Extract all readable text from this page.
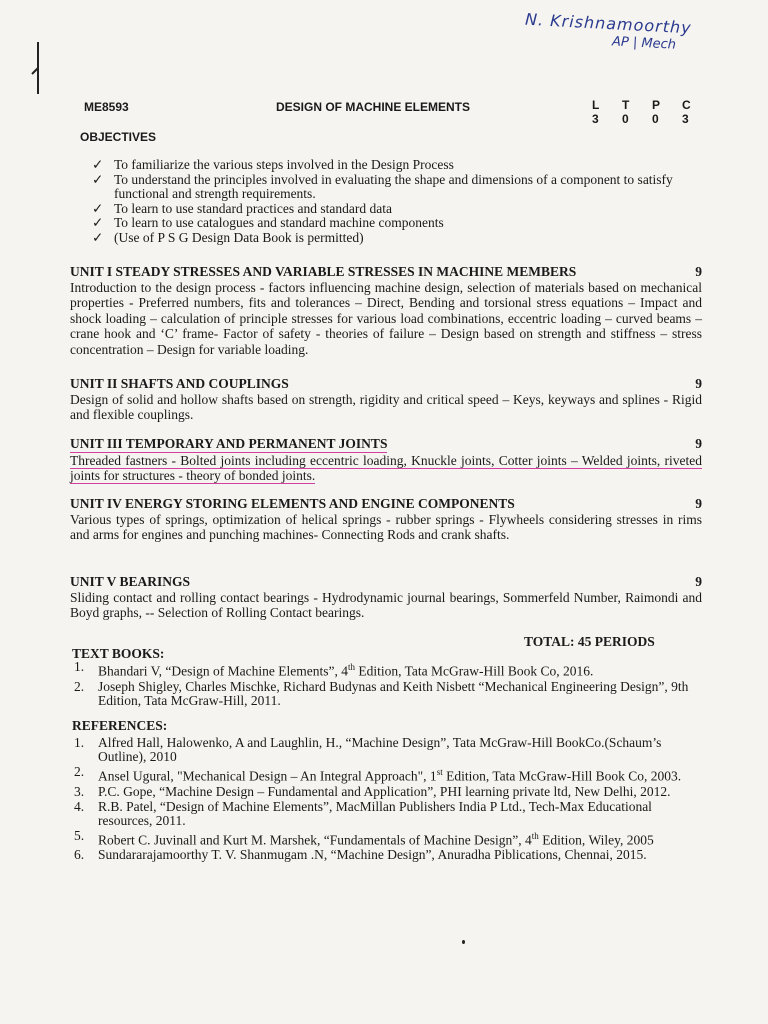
N. Krishnamoorthy
AP | Mech
ME8593	DESIGN OF MACHINE ELEMENTS	L	T	P	C
3	0	0	3
OBJECTIVES
✓ To familiarize the various steps involved in the Design Process
✓ To understand the principles involved in evaluating the shape and dimensions of a component to satisfy functional and strength requirements.
✓ To learn to use standard practices and standard data
✓ To learn to use catalogues and standard machine components
✓ (Use of P S G Design Data Book is permitted)
UNIT I STEADY STRESSES AND VARIABLE STRESSES IN MACHINE MEMBERS	9
Introduction to the design process - factors influencing machine design, selection of materials based on mechanical properties - Preferred numbers, fits and tolerances – Direct, Bending and torsional stress equations – Impact and shock loading – calculation of principle stresses for various load combinations, eccentric loading – curved beams – crane hook and ‘C’ frame- Factor of safety - theories of failure – Design based on strength and stiffness – stress concentration – Design for variable loading.
UNIT II SHAFTS AND COUPLINGS	9
Design of solid and hollow shafts based on strength, rigidity and critical speed – Keys, keyways and splines - Rigid and flexible couplings.
UNIT III TEMPORARY AND PERMANENT JOINTS	9
Threaded fastners - Bolted joints including eccentric loading, Knuckle joints, Cotter joints – Welded joints, riveted joints for structures - theory of bonded joints.
UNIT IV ENERGY STORING ELEMENTS AND ENGINE COMPONENTS	9
Various types of springs, optimization of helical springs - rubber springs - Flywheels considering stresses in rims and arms for engines and punching machines- Connecting Rods and crank shafts.
UNIT V BEARINGS	9
Sliding contact and rolling contact bearings - Hydrodynamic journal bearings, Sommerfeld Number, Raimondi and Boyd graphs, -- Selection of Rolling Contact bearings.
TOTAL: 45 PERIODS
TEXT BOOKS:
1. Bhandari V, “Design of Machine Elements”, 4th Edition, Tata McGraw-Hill Book Co, 2016.
2. Joseph Shigley, Charles Mischke, Richard Budynas and Keith Nisbett “Mechanical Engineering Design”, 9th Edition, Tata McGraw-Hill, 2011.
REFERENCES:
1. Alfred Hall, Halowenko, A and Laughlin, H., “Machine Design”, Tata McGraw-Hill BookCo.(Schaum’s Outline), 2010
2. Ansel Ugural, "Mechanical Design – An Integral Approach", 1st Edition, Tata McGraw-Hill Book Co, 2003.
3. P.C. Gope, “Machine Design – Fundamental and Application”, PHI learning private ltd, New Delhi, 2012.
4. R.B. Patel, “Design of Machine Elements”, MacMillan Publishers India P Ltd., Tech-Max Educational resources, 2011.
5. Robert C. Juvinall and Kurt M. Marshek, “Fundamentals of Machine Design”, 4th Edition, Wiley, 2005
6. Sundararajamoorthy T. V. Shanmugam .N, “Machine Design”, Anuradha Piblications, Chennai, 2015.
